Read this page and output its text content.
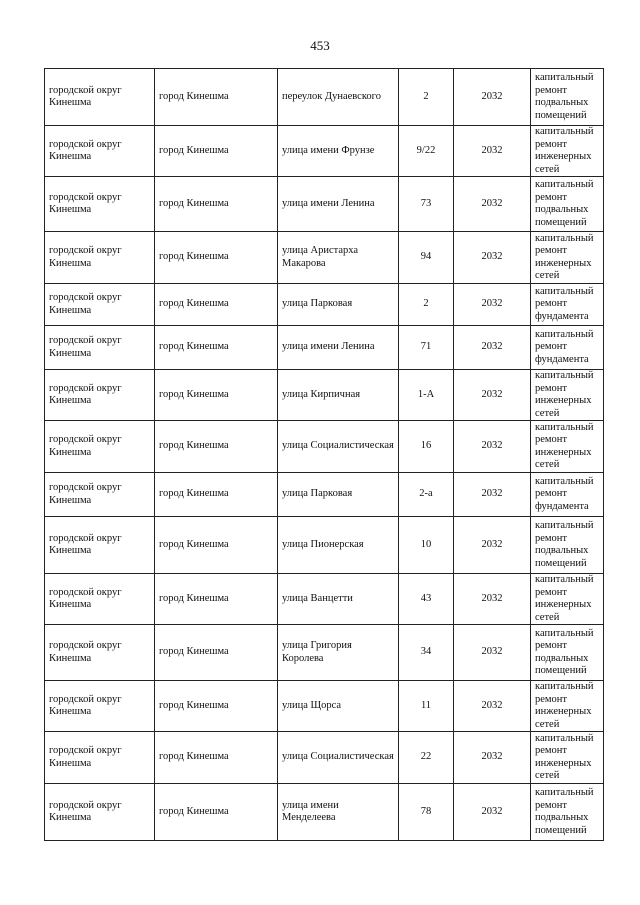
453
городской округ Кинешма	город Кинешма	переулок Дунаевского	2	2032	капитальный ремонт подвальных помещений
городской округ Кинешма	город Кинешма	улица имени Фрунзе	9/22	2032	капитальный ремонт инженерных сетей
городской округ Кинешма	город Кинешма	улица имени Ленина	73	2032	капитальный ремонт подвальных помещений
городской округ Кинешма	город Кинешма	улица Аристарха Макарова	94	2032	капитальный ремонт инженерных сетей
городской округ Кинешма	город Кинешма	улица Парковая	2	2032	капитальный ремонт фундамента
городской округ Кинешма	город Кинешма	улица имени Ленина	71	2032	капитальный ремонт фундамента
городской округ Кинешма	город Кинешма	улица Кирпичная	1-А	2032	капитальный ремонт инженерных сетей
городской округ Кинешма	город Кинешма	улица Социалистическая	16	2032	капитальный ремонт инженерных сетей
городской округ Кинешма	город Кинешма	улица Парковая	2-а	2032	капитальный ремонт фундамента
городской округ Кинешма	город Кинешма	улица Пионерская	10	2032	капитальный ремонт подвальных помещений
городской округ Кинешма	город Кинешма	улица Ванцетти	43	2032	капитальный ремонт инженерных сетей
городской округ Кинешма	город Кинешма	улица Григория Королева	34	2032	капитальный ремонт подвальных помещений
городской округ Кинешма	город Кинешма	улица Щорса	11	2032	капитальный ремонт инженерных сетей
городской округ Кинешма	город Кинешма	улица Социалистическая	22	2032	капитальный ремонт инженерных сетей
городской округ Кинешма	город Кинешма	улица имени Менделеева	78	2032	капитальный ремонт подвальных помещений
